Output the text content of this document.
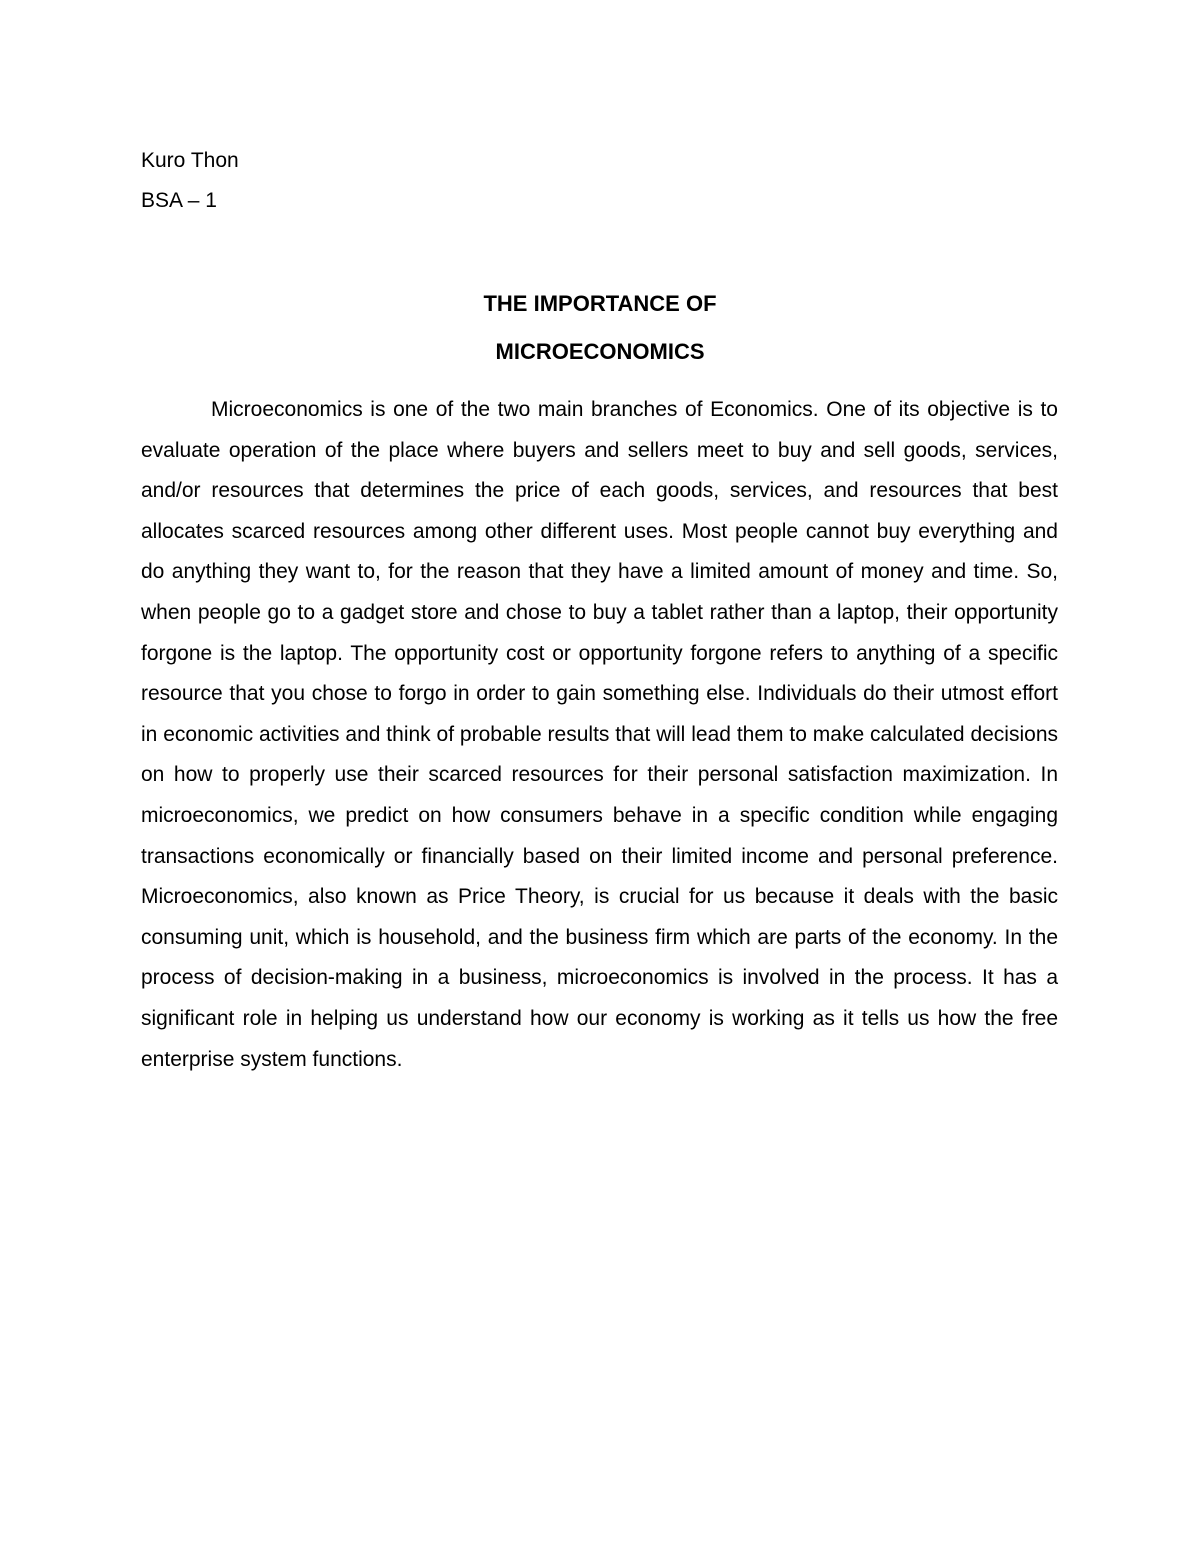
Kuro Thon
BSA – 1
THE IMPORTANCE OF
MICROECONOMICS

Microeconomics is one of the two main branches of Economics. One of its objective is to evaluate operation of the place where buyers and sellers meet to buy and sell goods, services, and/or resources that determines the price of each goods, services, and resources that best allocates scarced resources among other different uses. Most people cannot buy everything and do anything they want to, for the reason that they have a limited amount of money and time. So, when people go to a gadget store and chose to buy a tablet rather than a laptop, their opportunity forgone is the laptop. The opportunity cost or opportunity forgone refers to anything of a specific resource that you chose to forgo in order to gain something else. Individuals do their utmost effort in economic activities and think of probable results that will lead them to make calculated decisions on how to properly use their scarced resources for their personal satisfaction maximization. In microeconomics, we predict on how consumers behave in a specific condition while engaging transactions economically or financially based on their limited income and personal preference. Microeconomics, also known as Price Theory, is crucial for us because it deals with the basic consuming unit, which is household, and the business firm which are parts of the economy. In the process of decision-making in a business, microeconomics is involved in the process. It has a significant role in helping us understand how our economy is working as it tells us how the free enterprise system functions.
